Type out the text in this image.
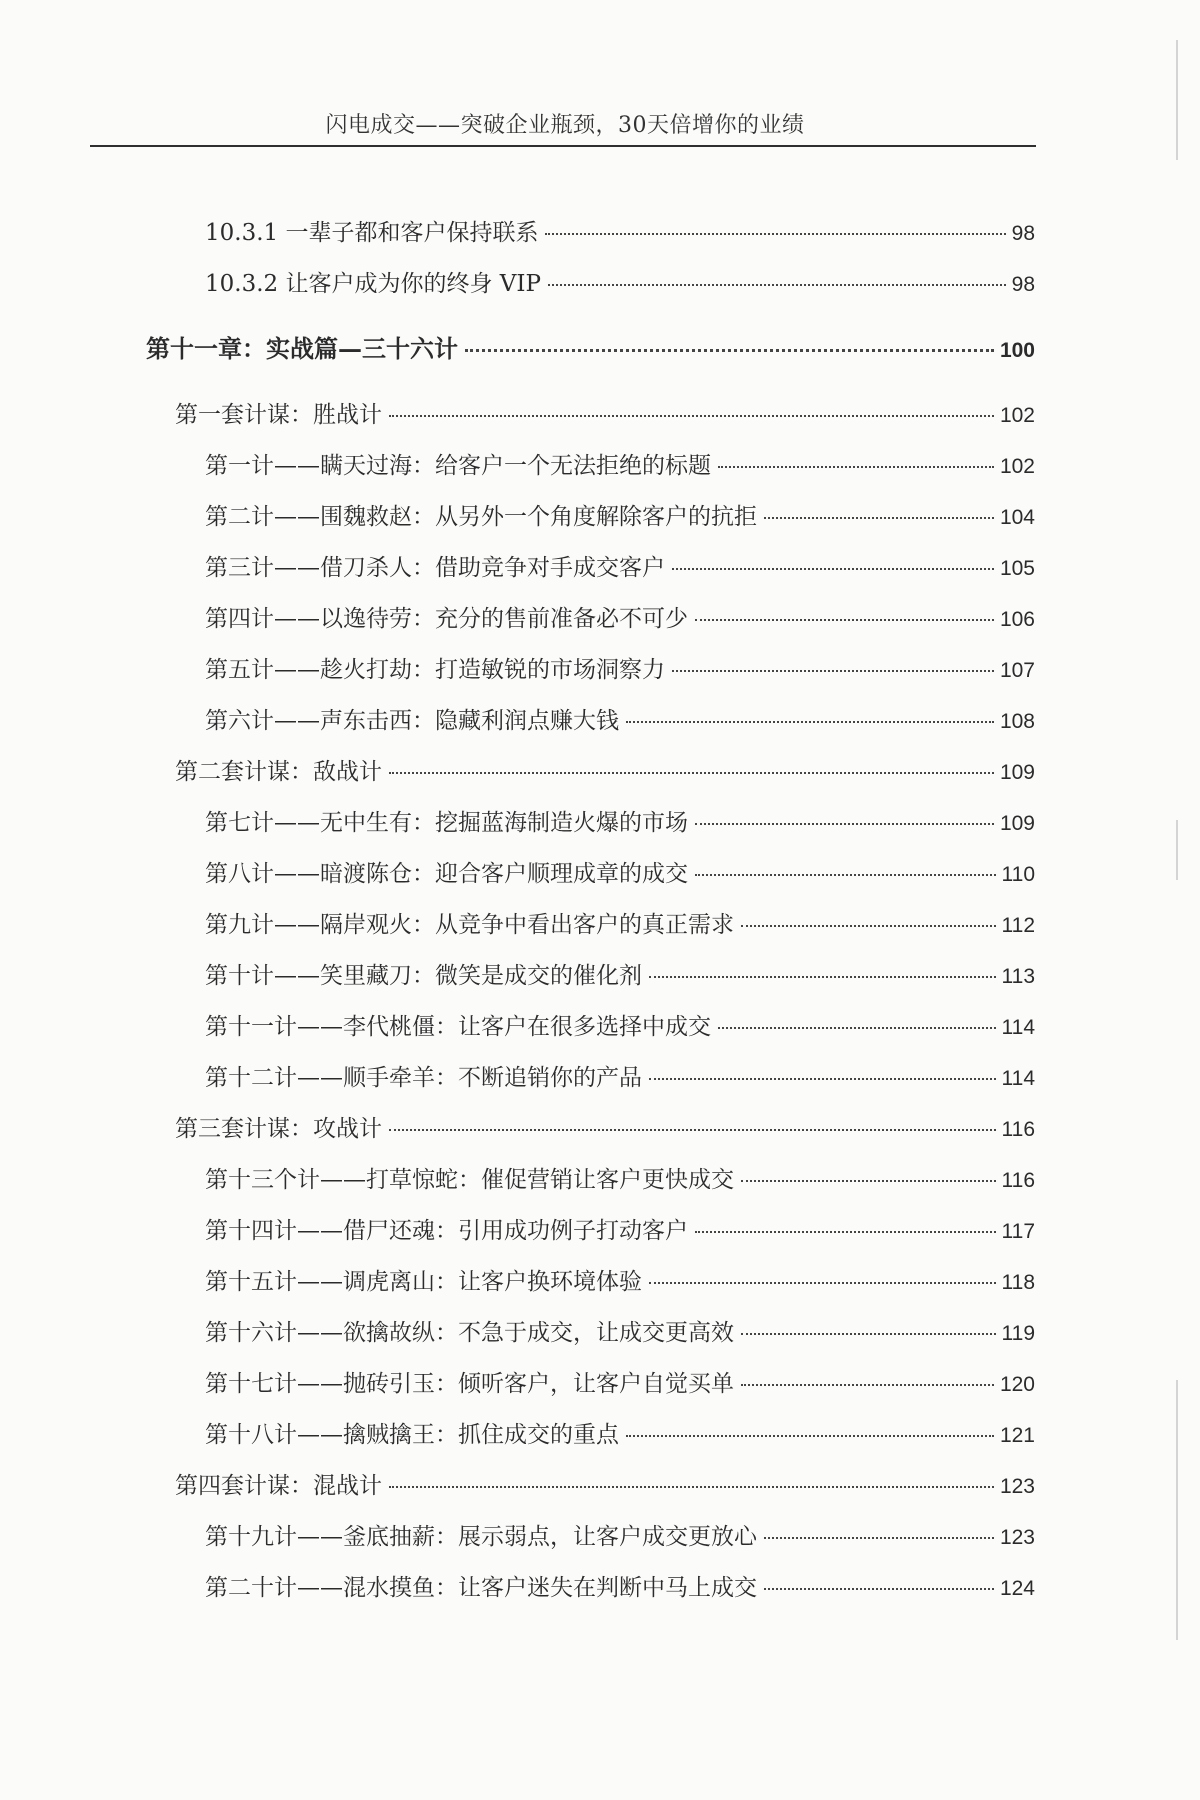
闪电成交——突破企业瓶颈，30天倍增你的业绩
10.3.1 一辈子都和客户保持联系	98
10.3.2 让客户成为你的终身 VIP	98
第十一章：实战篇—三十六计	100
第一套计谋：胜战计	102
第一计——瞒天过海：给客户一个无法拒绝的标题	102
第二计——围魏救赵：从另外一个角度解除客户的抗拒	104
第三计——借刀杀人：借助竞争对手成交客户	105
第四计——以逸待劳：充分的售前准备必不可少	106
第五计——趁火打劫：打造敏锐的市场洞察力	107
第六计——声东击西：隐藏利润点赚大钱	108
第二套计谋：敌战计	109
第七计——无中生有：挖掘蓝海制造火爆的市场	109
第八计——暗渡陈仓：迎合客户顺理成章的成交	110
第九计——隔岸观火：从竞争中看出客户的真正需求	112
第十计——笑里藏刀：微笑是成交的催化剂	113
第十一计——李代桃僵：让客户在很多选择中成交	114
第十二计——顺手牵羊：不断追销你的产品	114
第三套计谋：攻战计	116
第十三个计——打草惊蛇：催促营销让客户更快成交	116
第十四计——借尸还魂：引用成功例子打动客户	117
第十五计——调虎离山：让客户换环境体验	118
第十六计——欲擒故纵：不急于成交，让成交更高效	119
第十七计——抛砖引玉：倾听客户，让客户自觉买单	120
第十八计——擒贼擒王：抓住成交的重点	121
第四套计谋：混战计	123
第十九计——釜底抽薪：展示弱点，让客户成交更放心	123
第二十计——混水摸鱼：让客户迷失在判断中马上成交	124
